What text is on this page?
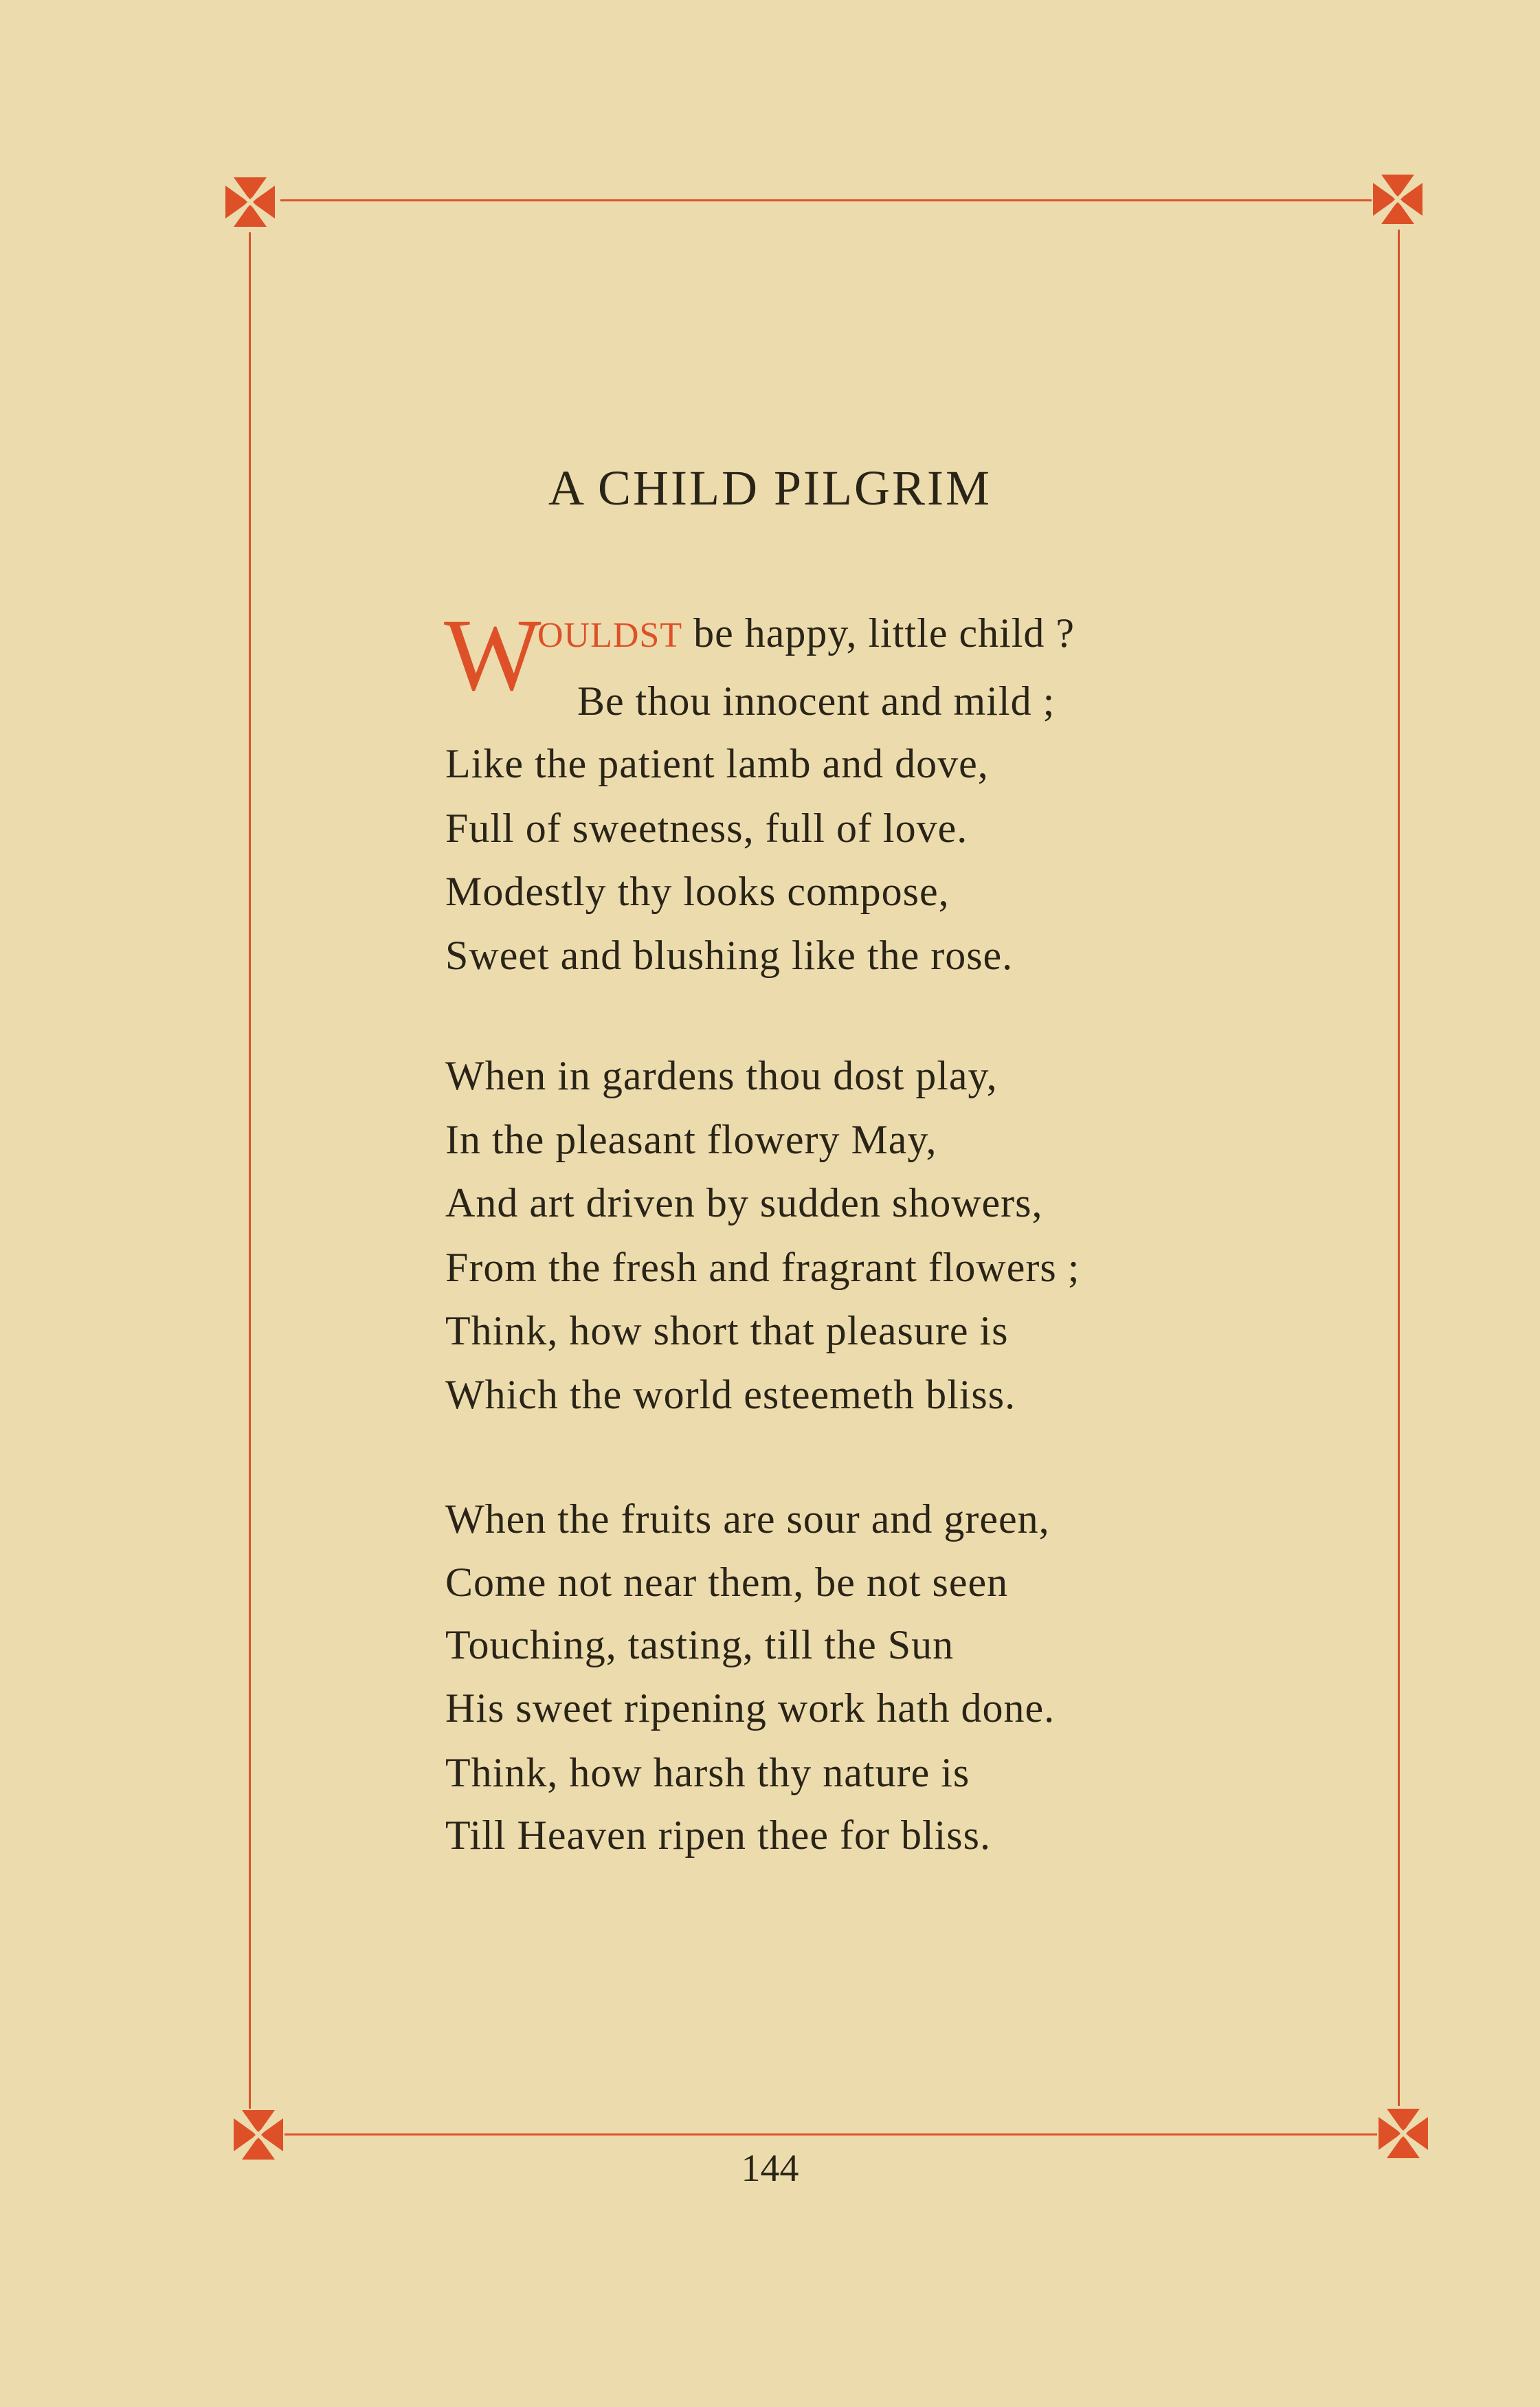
A CHILD PILGRIM
W
OULDST be happy, little child ?
Be thou innocent and mild ;
Like the patient lamb and dove,
Full of sweetness, full of love.
Modestly thy looks compose,
Sweet and blushing like the rose.
When in gardens thou dost play,
In the pleasant flowery May,
And art driven by sudden showers,
From the fresh and fragrant flowers ;
Think, how short that pleasure is
Which the world esteemeth bliss.
When the fruits are sour and green,
Come not near them, be not seen
Touching, tasting, till the Sun
His sweet ripening work hath done.
Think, how harsh thy nature is
Till Heaven ripen thee for bliss.
144
